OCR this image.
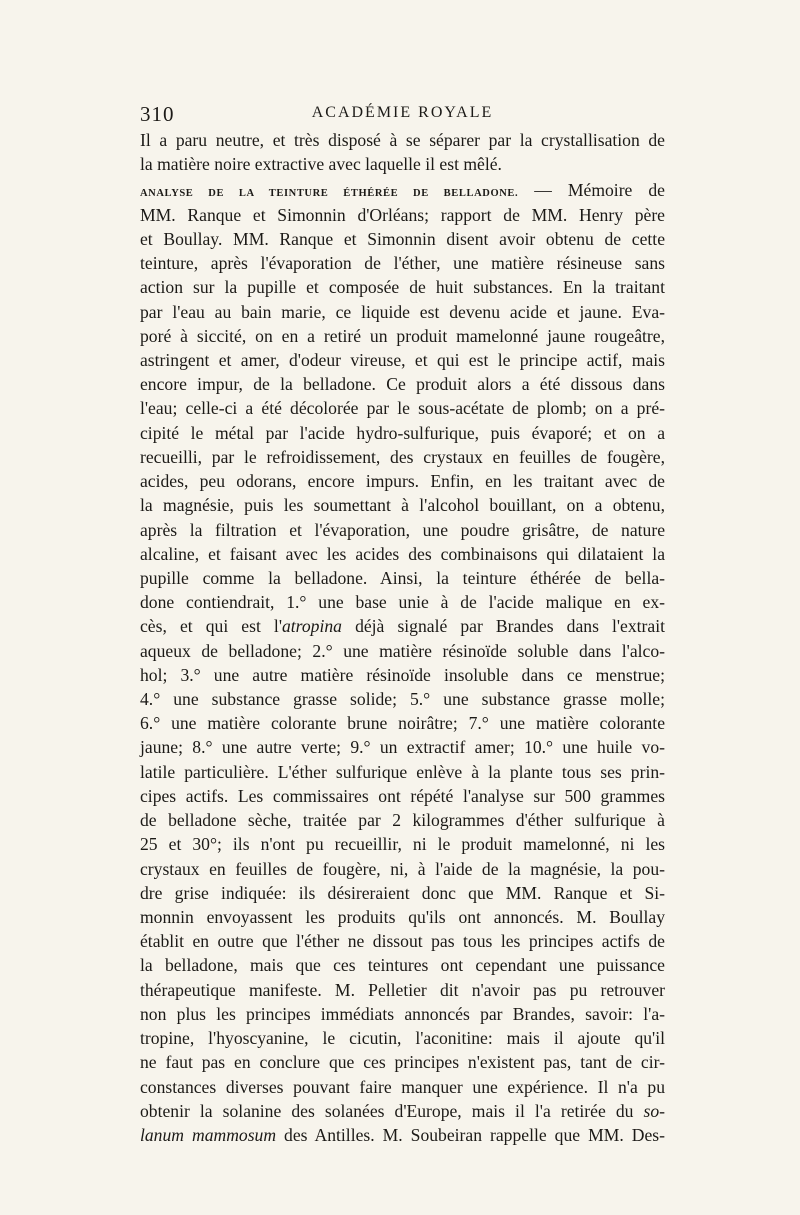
310	ACADÉMIE ROYALE
Il a paru neutre, et très disposé à se séparer par la crystallisation de
la matière noire extractive avec laquelle il est mêlé.
ANALYSE DE LA TEINTURE ÉTHÉRÉE DE BELLADONE. — Mémoire de
MM. Ranque et Simonnin d'Orléans; rapport de MM. Henry père
et Boullay. MM. Ranque et Simonnin disent avoir obtenu de cette
teinture, après l'évaporation de l'éther, une matière résineuse sans
action sur la pupille et composée de huit substances. En la traitant
par l'eau au bain marie, ce liquide est devenu acide et jaune. Eva-
poré à siccité, on en a retiré un produit mamelonné jaune rougeâtre,
astringent et amer, d'odeur vireuse, et qui est le principe actif, mais
encore impur, de la belladone. Ce produit alors a été dissous dans
l'eau; celle-ci a été décolorée par le sous-acétate de plomb; on a pré-
cipité le métal par l'acide hydro-sulfurique, puis évaporé; et on a
recueilli, par le refroidissement, des crystaux en feuilles de fougère,
acides, peu odorans, encore impurs. Enfin, en les traitant avec de
la magnésie, puis les soumettant à l'alcohol bouillant, on a obtenu,
après la filtration et l'évaporation, une poudre grisâtre, de nature
alcaline, et faisant avec les acides des combinaisons qui dilataient la
pupille comme la belladone. Ainsi, la teinture éthérée de bella-
done contiendrait, 1.° une base unie à de l'acide malique en ex-
cès, et qui est l'atropina déjà signalé par Brandes dans l'extrait
aqueux de belladone; 2.° une matière résinoïde soluble dans l'alco-
hol; 3.° une autre matière résinoïde insoluble dans ce menstrue;
4.° une substance grasse solide; 5.° une substance grasse molle;
6.° une matière colorante brune noirâtre; 7.° une matière colorante
jaune; 8.° une autre verte; 9.° un extractif amer; 10.° une huile vo-
latile particulière. L'éther sulfurique enlève à la plante tous ses prin-
cipes actifs. Les commissaires ont répété l'analyse sur 500 grammes
de belladone sèche, traitée par 2 kilogrammes d'éther sulfurique à
25 et 30°; ils n'ont pu recueillir, ni le produit mamelonné, ni les
crystaux en feuilles de fougère, ni, à l'aide de la magnésie, la pou-
dre grise indiquée: ils désireraient donc que MM. Ranque et Si-
monnin envoyassent les produits qu'ils ont annoncés. M. Boullay
établit en outre que l'éther ne dissout pas tous les principes actifs de
la belladone, mais que ces teintures ont cependant une puissance
thérapeutique manifeste. M. Pelletier dit n'avoir pas pu retrouver
non plus les principes immédiats annoncés par Brandes, savoir: l'a-
tropine, l'hyoscyanine, le cicutin, l'aconitine: mais il ajoute qu'il
ne faut pas en conclure que ces principes n'existent pas, tant de cir-
constances diverses pouvant faire manquer une expérience. Il n'a pu
obtenir la solanine des solanées d'Europe, mais il l'a retirée du so-
lanum mammosum des Antilles. M. Soubeiran rappelle que MM. Des-
